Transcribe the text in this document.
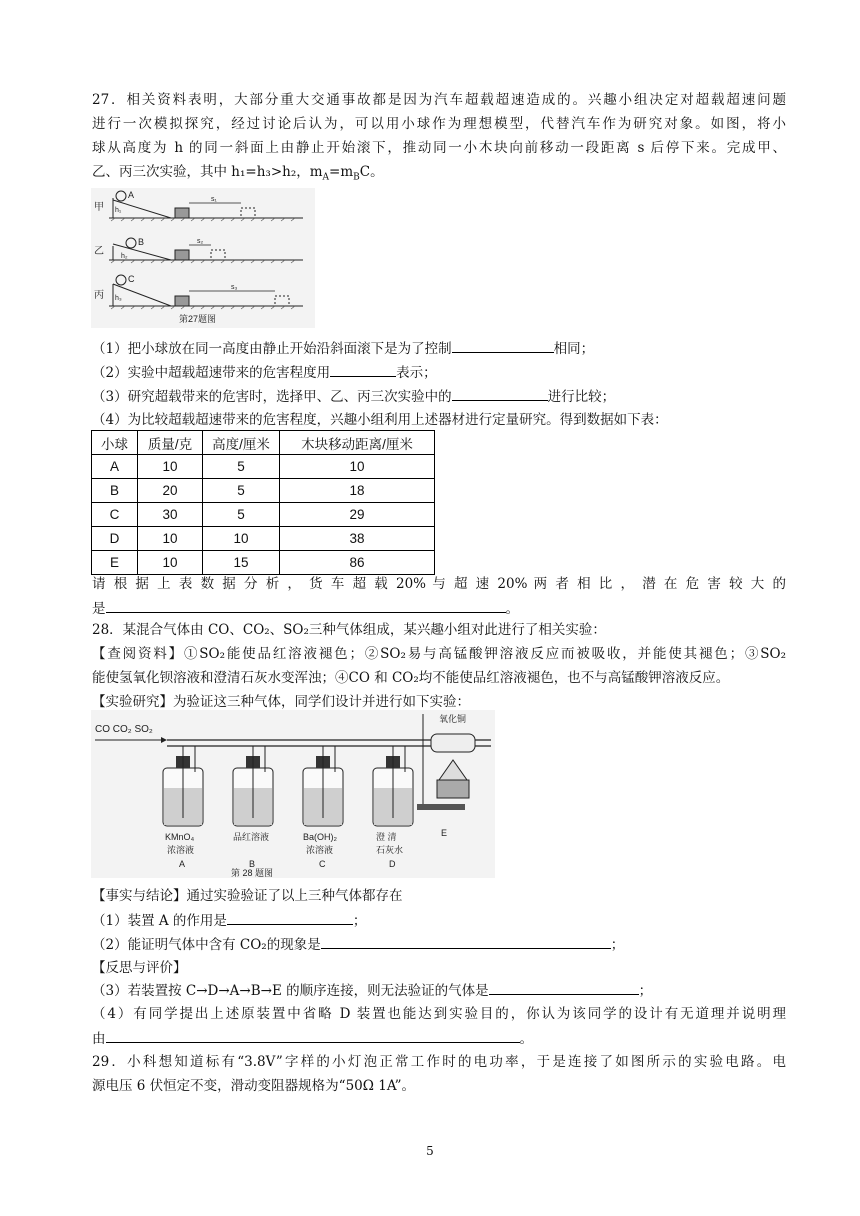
27．相关资料表明，大部分重大交通事故都是因为汽车超载超速造成的。兴趣小组决定对超载超速问题
进行一次模拟探究，经过讨论后认为，可以用小球作为理想模型，代替汽车作为研究对象。如图，将小
球从高度为 h 的同一斜面上由静止开始滚下，推动同一小木块向前移动一段距离 s 后停下来。完成甲、
乙、丙三次实验，其中 h₁=h₃>h₂，$m_A=m_BC$。
甲
A
h₁
s₁
乙
B
h₂
s₂
丙
C
h₃
s₃
第27题图
（1）把小球放在同一高度由静止开始沿斜面滚下是为了控制	相同；
（2）实验中超载超速带来的危害程度用	表示；
（3）研究超载带来的危害时，选择甲、乙、丙三次实验中的	进行比较；
（4）为比较超载超速带来的危害程度，兴趣小组利用上述器材进行定量研究。得到数据如下表：
小球	质量/克	高度/厘米	木块移动距离/厘米
A	10	5	10
B	20	5	18
C	30	5	29
D	10	10	38
E	10	15	86
请 根 据 上 表 数 据 分 析 ， 货 车 超 载 20% 与 超 速 20% 两 者 相 比 ， 潜 在 危 害 较 大 的
是	。
28．某混合气体由 CO、CO₂、SO₂三种气体组成，某兴趣小组对此进行了相关实验：
【查阅资料】①SO₂能使品红溶液褪色；②SO₂易与高锰酸钾溶液反应而被吸收，并能使其褪色；③SO₂
能使氢氧化钡溶液和澄清石灰水变浑浊；④CO 和 CO₂均不能使品红溶液褪色，也不与高锰酸钾溶液反应。
【实验研究】为验证这三种气体，同学们设计并进行如下实验：
CO CO₂ SO₂
KMnO₄
浓溶液
A
品红溶液
B
Ba(OH)₂
浓溶液
C
澄 清
石灰水
D
氧化铜
E
第 28 题图
【事实与结论】通过实验验证了以上三种气体都存在
（1）装置 A 的作用是	；
（2）能证明气体中含有 CO₂的现象是	；
【反思与评价】
（3）若装置按 C→D→A→B→E 的顺序连接，则无法验证的气体是	；
（4）有同学提出上述原装置中省略 D 装置也能达到实验目的，你认为该同学的设计有无道理并说明理
由	。
29．小科想知道标有“3.8V”字样的小灯泡正常工作时的电功率，于是连接了如图所示的实验电路。电
源电压 6 伏恒定不变，滑动变阻器规格为“50Ω 1A”。
5
